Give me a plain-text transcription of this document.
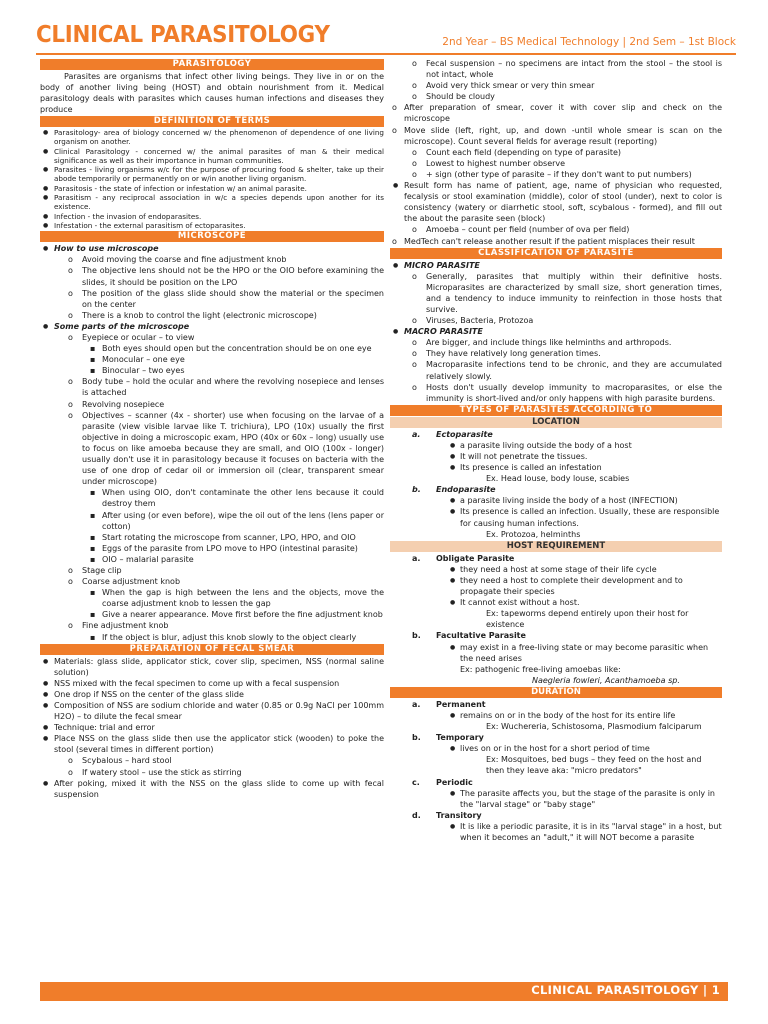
CLINICAL PARASITOLOGY	2nd Year – BS Medical Technology | 2nd Sem – 1st Block
PARASITOLOGY

Parasites are organisms that infect other living beings. They live in or on the body of another living being (HOST) and obtain nourishment from it. Medical parasitology deals with parasites which causes human infections and diseases they produce

DEFINITION OF TERMS
● Parasitology- area of biology concerned w/ the phenomenon of dependence of one living organism on another.
● Clinical Parasitology - concerned w/ the animal parasites of man & their medical significance as well as their importance in human communities.
● Parasites - living organisms w/c for the purpose of procuring food & shelter, take up their abode temporarily or permanently on or w/in another living organism.
● Parasitosis - the state of infection or infestation w/ an animal parasite.
● Parasitism - any reciprocal association in w/c a species depends upon another for its existence.
● Infection - the invasion of endoparasites.
● Infestation - the external parasitism of ectoparasites.
MICROSCOPE
● How to use microscope
o Avoid moving the coarse and fine adjustment knob
o The objective lens should not be the HPO or the OIO before examining the slides, it should be position on the LPO
o The position of the glass slide should show the material or the specimen on the center
o There is a knob to control the light (electronic microscope)
● Some parts of the microscope
o Eyepiece or ocular – to view
▪ Both eyes should open but the concentration should be on one eye
▪ Monocular – one eye
▪ Binocular – two eyes
o Body tube – hold the ocular and where the revolving nosepiece and lenses is attached
o Revolving nosepiece
o Objectives – scanner (4x - shorter) use when focusing on the larvae of a parasite (view visible larvae like T. trichiura), LPO (10x) usually the first objective in doing a microscopic exam, HPO (40x or 60x – long) usually use to focus on like amoeba because they are small, and OIO (100x - longer) usually don't use it in parasitology because it focuses on bacteria with the use of one drop of cedar oil or immersion oil (clear, transparent smear under microscope)
▪ When using OIO, don't contaminate the other lens because it could destroy them
▪ After using (or even before), wipe the oil out of the lens (lens paper or cotton)
▪ Start rotating the microscope from scanner, LPO, HPO, and OIO
▪ Eggs of the parasite from LPO move to HPO (intestinal parasite)
▪ OIO – malarial parasite
o Stage clip
o Coarse adjustment knob
▪ When the gap is high between the lens and the objects, move the coarse adjustment knob to lessen the gap
▪ Give a nearer appearance. Move first before the fine adjustment knob
o Fine adjustment knob
▪ If the object is blur, adjust this knob slowly to the object clearly
PREPARATION OF FECAL SMEAR
● Materials: glass slide, applicator stick, cover slip, specimen, NSS (normal saline solution)
● NSS mixed with the fecal specimen to come up with a fecal suspension
● One drop if NSS on the center of the glass slide
● Composition of NSS are sodium chloride and water (0.85 or 0.9g NaCl per 100mm H2O) – to dilute the fecal smear
● Technique: trial and error
● Place NSS on the glass slide then use the applicator stick (wooden) to poke the stool (several times in different portion)
o Scybalous – hard stool
o If watery stool – use the stick as stirring
● After poking, mixed it with the NSS on the glass slide to come up with fecal suspension
o Fecal suspension – no specimens are intact from the stool – the stool is not intact, whole
o Avoid very thick smear or very thin smear
o Should be cloudy
o After preparation of smear, cover it with cover slip and check on the microscope
o Move slide (left, right, up, and down -until whole smear is scan on the microscope). Count several fields for average result (reporting)
o Count each field (depending on type of parasite)
o Lowest to highest number observe
o + sign (other type of parasite – if they don't want to put numbers)
● Result form has name of patient, age, name of physician who requested, fecalysis or stool examination (middle), color of stool (under), next to color is consistency (watery or diarrhetic stool, soft, scybalous - formed), and fill out the about the parasite seen (block)
o Amoeba – count per field (number of ova per field)
o MedTech can't release another result if the patient misplaces their result
CLASSIFICATION OF PARASITE
● MICRO PARASITE
o Generally, parasites that multiply within their definitive hosts. Microparasites are characterized by small size, short generation times, and a tendency to induce immunity to reinfection in those hosts that survive.
o Viruses, Bacteria, Protozoa
● MACRO PARASITE
o Are bigger, and include things like helminths and arthropods.
o They have relatively long generation times.
o Macroparasite infections tend to be chronic, and they are accumulated relatively slowly.
o Hosts don't usually develop immunity to macroparasites, or else the immunity is short-lived and/or only happens with high parasite burdens.
TYPES OF PARASITES ACCORDING TO
LOCATION
a. Ectoparasite
● a parasite living outside the body of a host
● It will not penetrate the tissues.
● Its presence is called an infestation
Ex. Head louse, body louse, scabies
b. Endoparasite
● a parasite living inside the body of a host (INFECTION)
● Its presence is called an infection. Usually, these are responsible for causing human infections.
Ex. Protozoa, helminths
HOST REQUIREMENT
a. Obligate Parasite
● they need a host at some stage of their life cycle
● they need a host to complete their development and to propagate their species
● It cannot exist without a host.
Ex: tapeworms depend entirely upon their host for existence
b. Facultative Parasite
● may exist in a free-living state or may become parasitic when the need arises
Ex: pathogenic free-living amoebas like:
Naegleria fowleri, Acanthamoeba sp.
DURATION
a. Permanent
● remains on or in the body of the host for its entire life
Ex: Wuchereria, Schistosoma, Plasmodium falciparum
b. Temporary
● lives on or in the host for a short period of time
Ex: Mosquitoes, bed bugs – they feed on the host and then they leave aka: "micro predators"
c. Periodic
● The parasite affects you, but the stage of the parasite is only in the "larval stage" or "baby stage"
d. Transitory
● It is like a periodic parasite, it is in its "larval stage" in a host, but when it becomes an "adult," it will NOT become a parasite
CLINICAL PARASITOLOGY | 1
